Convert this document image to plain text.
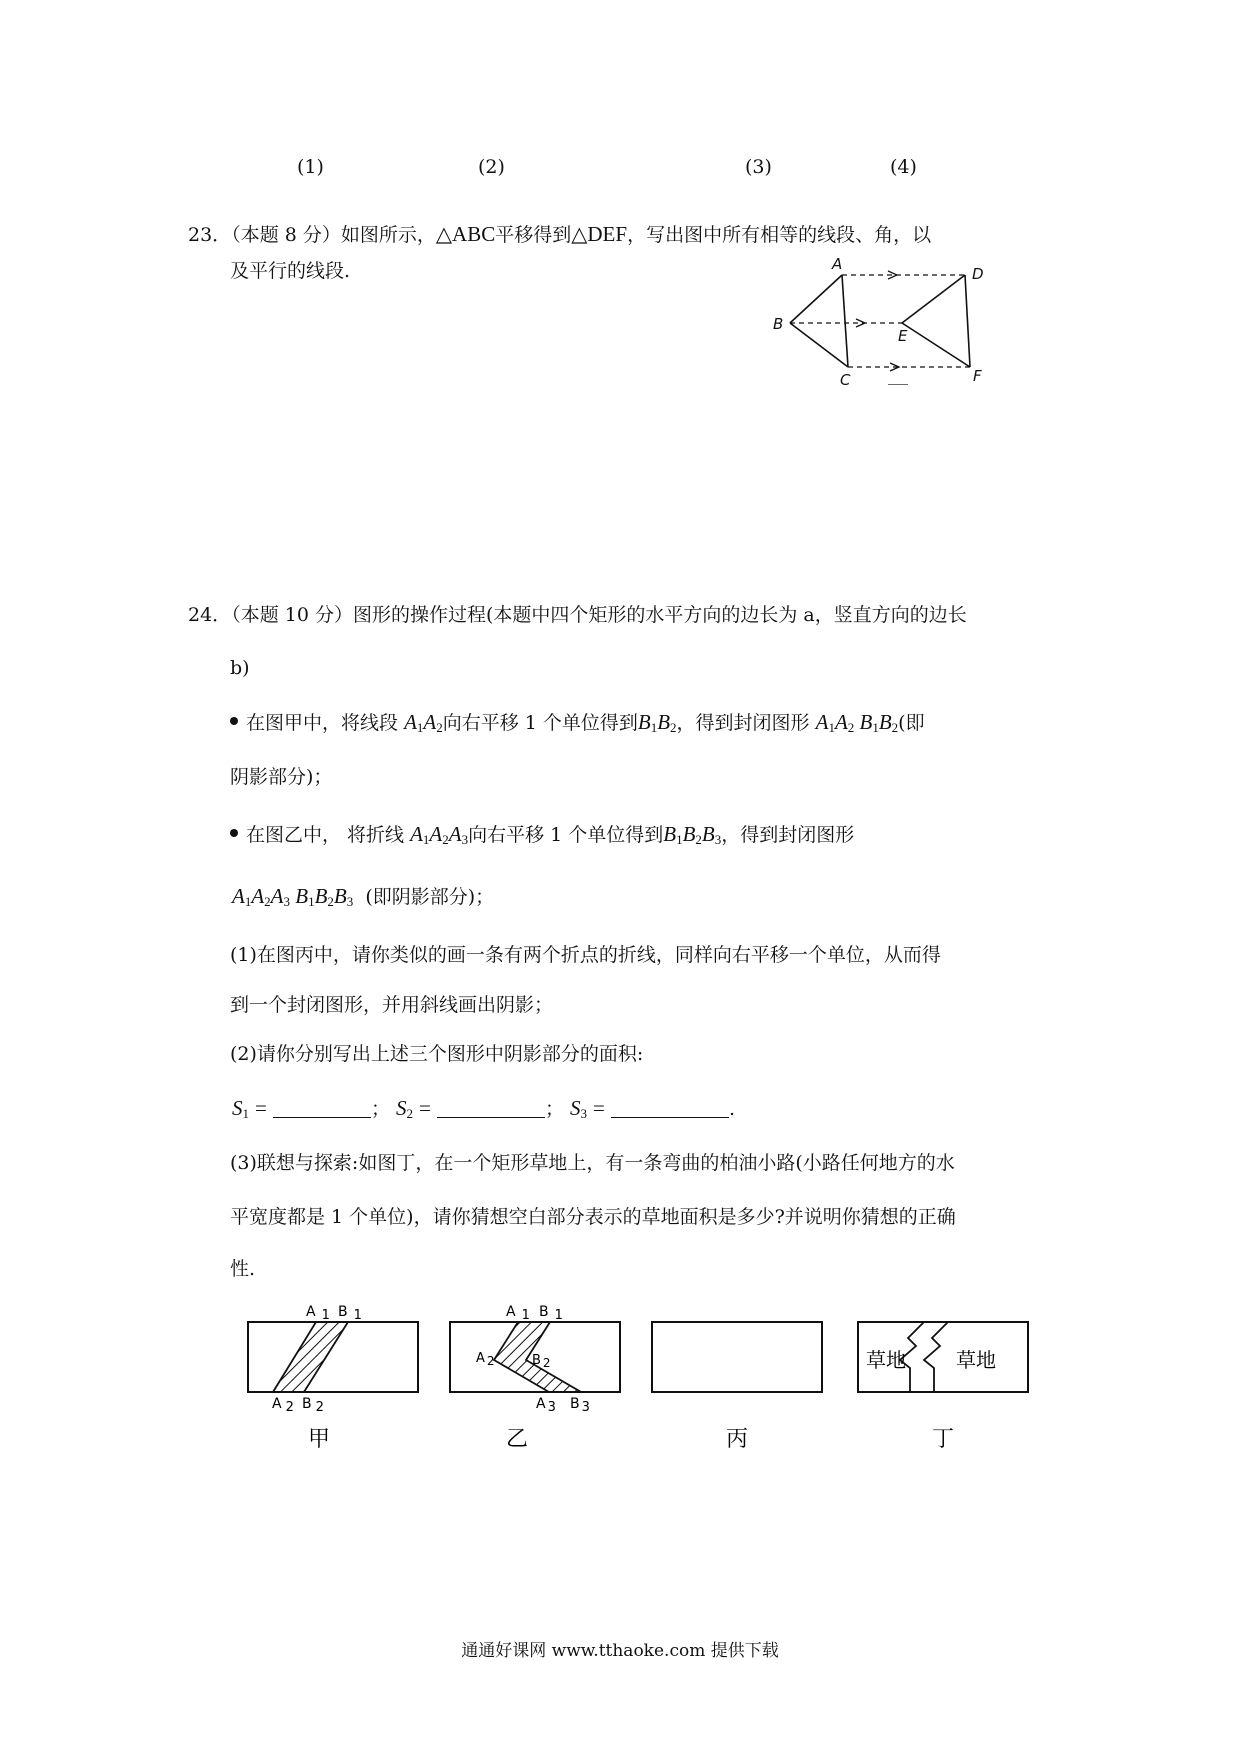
(1)	(2)	(3)	(4)
23．（本题 8 分）如图所示，△ABC平移得到△DEF，写出图中所有相等的线段、角，以
及平行的线段.	A
B
C
D
E
F
24．（本题 10 分）图形的操作过程(本题中四个矩形的水平方向的边长为 a，竖直方向的边长
b)
在图甲中，将线段 $A_1A_2$向右平移 1 个单位得到$B_1B_2$，得到封闭图形 $A_1A_2$ $B_1B_2$(即
阴影部分)；
在图乙中， 将折线 $A_1A_2A_3$向右平移 1 个单位得到$B_1B_2B_3$，得到封闭图形
$A_1A_2A_3$ $B_1B_2B_3$ (即阴影部分)；
(1)在图丙中，请你类似的画一条有两个折点的折线，同样向右平移一个单位，从而得
到一个封闭图形，并用斜线画出阴影；
(2)请你分别写出上述三个图形中阴影部分的面积:
$S_1$ =	； $S_2$ =	； $S_3$ =	.
(3)联想与探索:如图丁，在一个矩形草地上，有一条弯曲的柏油小路(小路任何地方的水
平宽度都是 1 个单位)，请你猜想空白部分表示的草地面积是多少?并说明你猜想的正确
性.
A 1 B 1
A 2 B 2
甲
A 1 B 1
A 2	B 2
A 3 B 3
乙	丙
草地	草地
丁
通通好课网 www.tthaoke.com 提供下载
